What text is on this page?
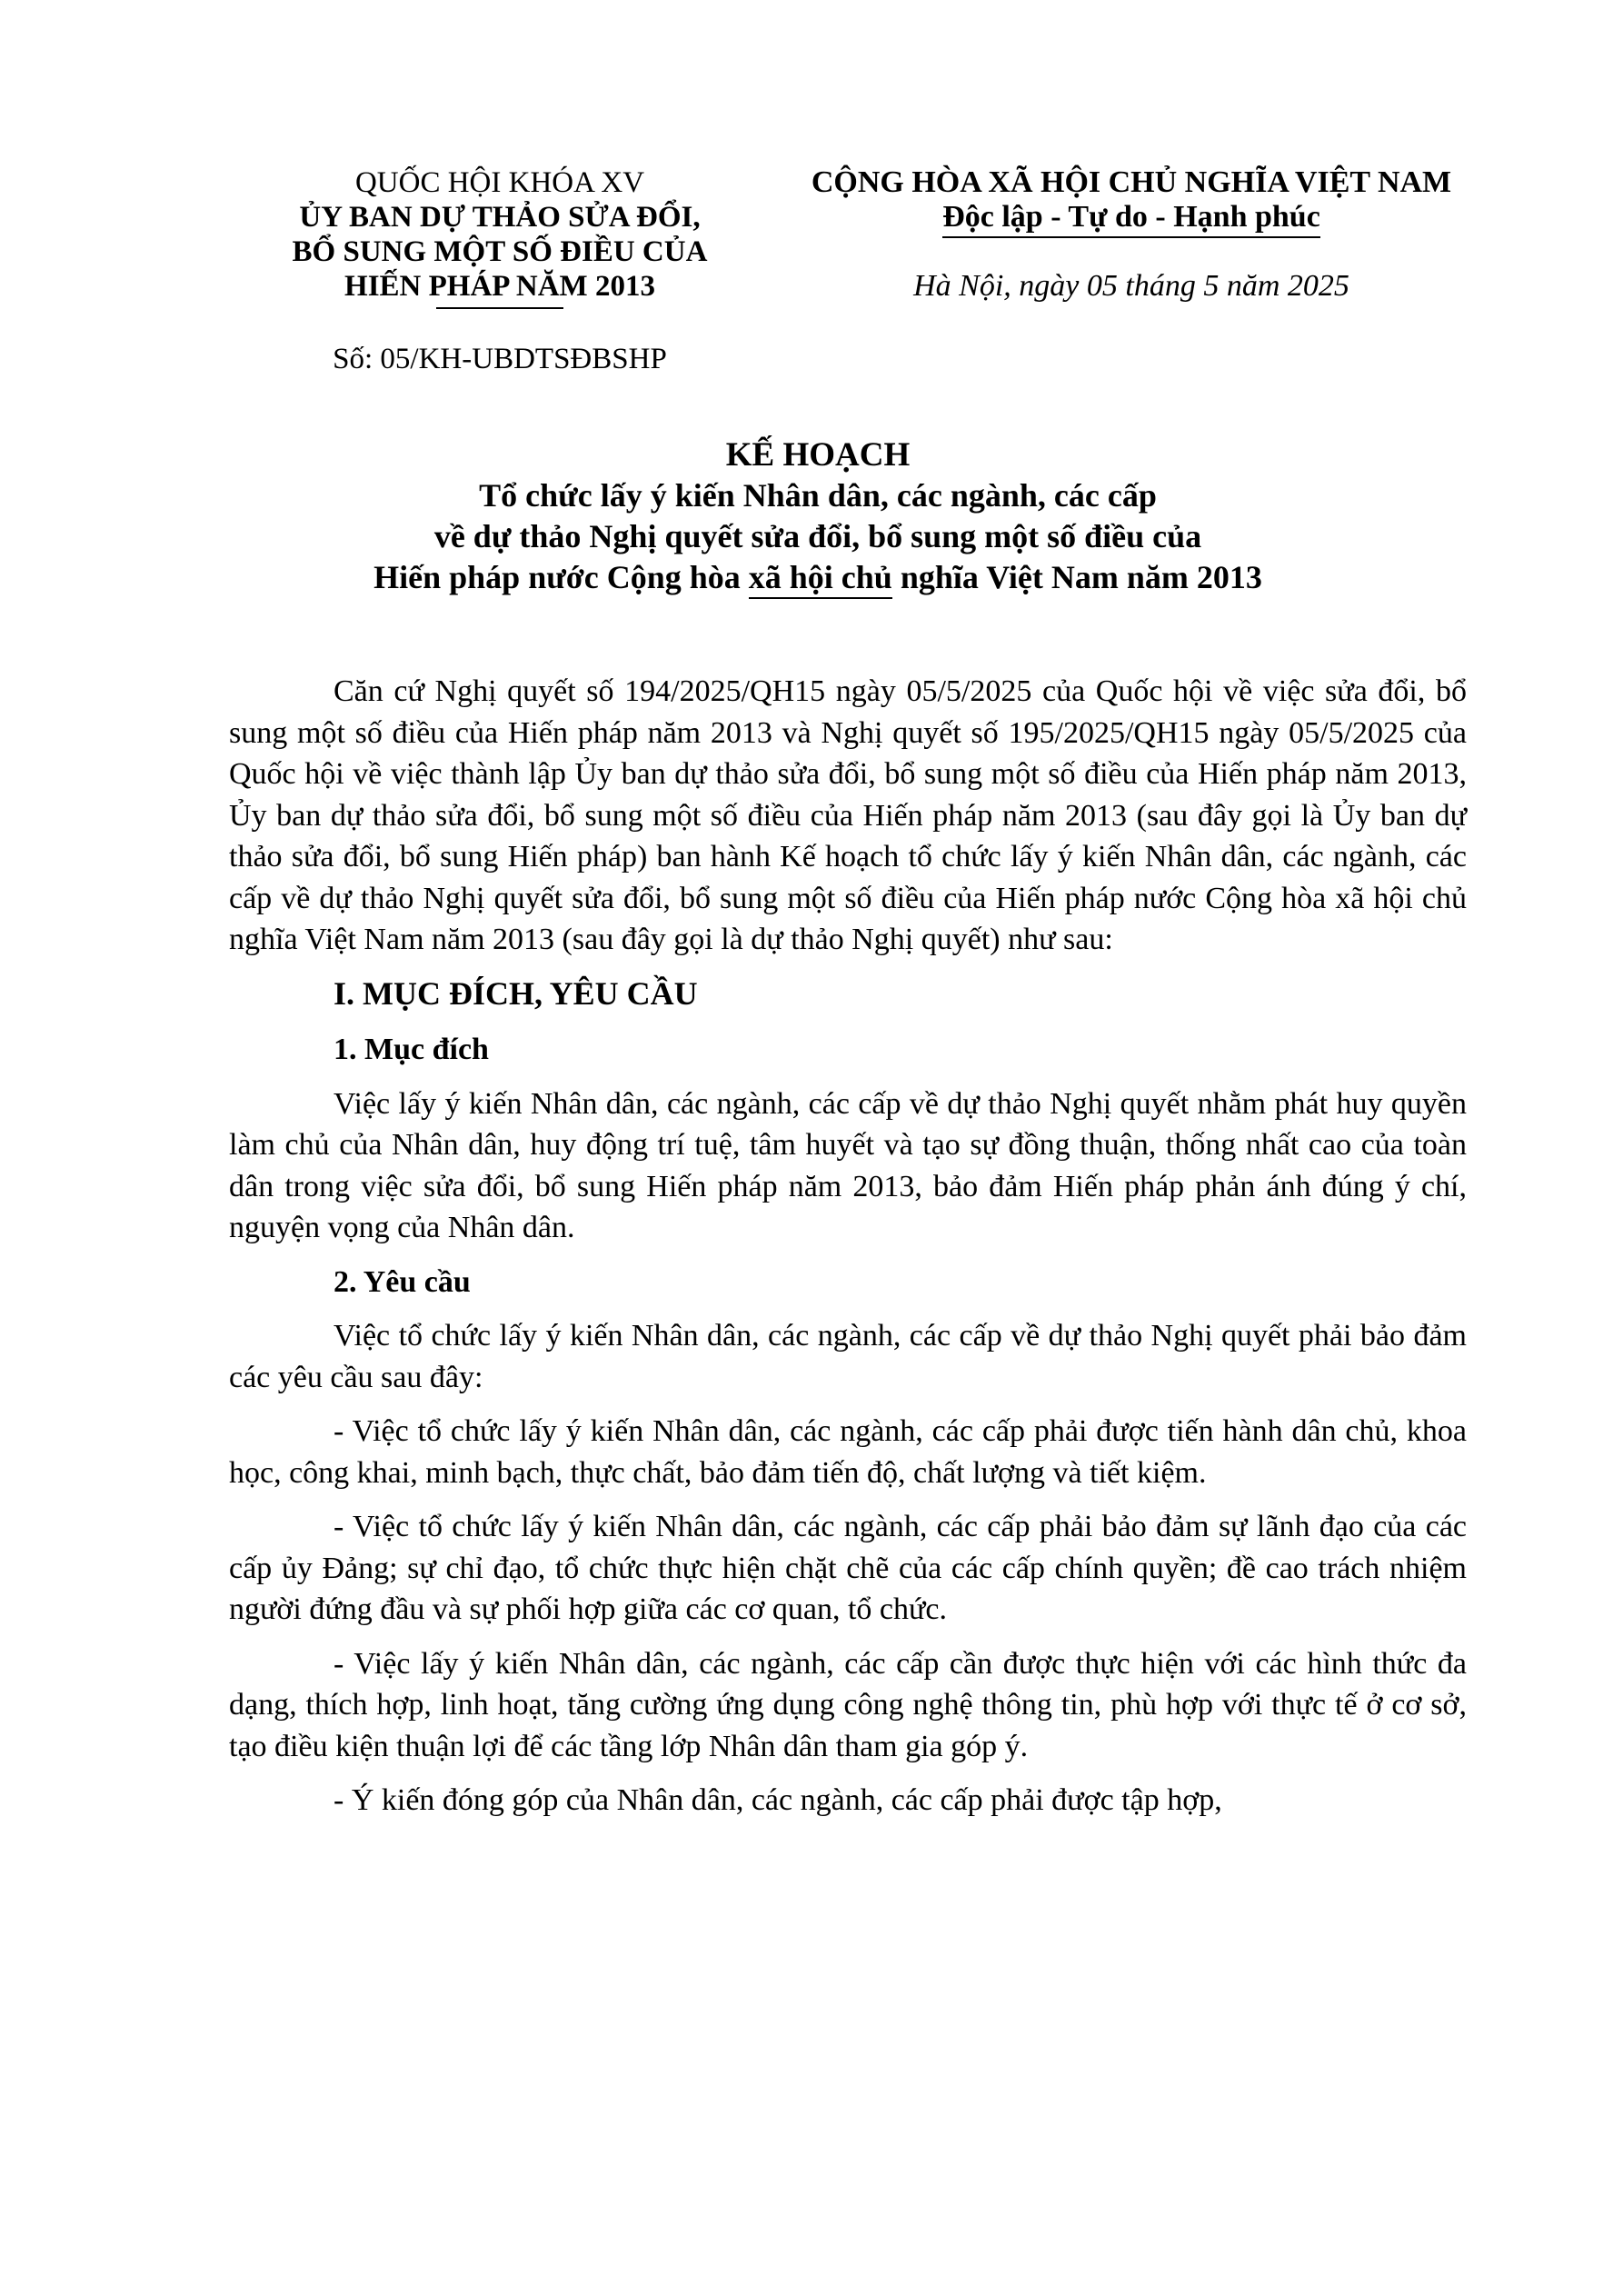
QUỐC HỘI KHÓA XV
ỦY BAN DỰ THẢO SỬA ĐỔI,
BỔ SUNG MỘT SỐ ĐIỀU CỦA
HIẾN PHÁP NĂM 2013
Số: 05/KH-UBDTSĐBSHP
CỘNG HÒA XÃ HỘI CHỦ NGHĨA VIỆT NAM
Độc lập - Tự do - Hạnh phúc
Hà Nội, ngày 05 tháng 5 năm 2025
KẾ HOẠCH
Tổ chức lấy ý kiến Nhân dân, các ngành, các cấp
về dự thảo Nghị quyết sửa đổi, bổ sung một số điều của
Hiến pháp nước Cộng hòa xã hội chủ nghĩa Việt Nam năm 2013

Căn cứ Nghị quyết số 194/2025/QH15 ngày 05/5/2025 của Quốc hội về việc sửa đổi, bổ sung một số điều của Hiến pháp năm 2013 và Nghị quyết số 195/2025/QH15 ngày 05/5/2025 của Quốc hội về việc thành lập Ủy ban dự thảo sửa đổi, bổ sung một số điều của Hiến pháp năm 2013, Ủy ban dự thảo sửa đổi, bổ sung một số điều của Hiến pháp năm 2013 (sau đây gọi là Ủy ban dự thảo sửa đổi, bổ sung Hiến pháp) ban hành Kế hoạch tổ chức lấy ý kiến Nhân dân, các ngành, các cấp về dự thảo Nghị quyết sửa đổi, bổ sung một số điều của Hiến pháp nước Cộng hòa xã hội chủ nghĩa Việt Nam năm 2013 (sau đây gọi là dự thảo Nghị quyết) như sau:

I. MỤC ĐÍCH, YÊU CẦU
1. Mục đích

Việc lấy ý kiến Nhân dân, các ngành, các cấp về dự thảo Nghị quyết nhằm phát huy quyền làm chủ của Nhân dân, huy động trí tuệ, tâm huyết và tạo sự đồng thuận, thống nhất cao của toàn dân trong việc sửa đổi, bổ sung Hiến pháp năm 2013, bảo đảm Hiến pháp phản ánh đúng ý chí, nguyện vọng của Nhân dân.

2. Yêu cầu

Việc tổ chức lấy ý kiến Nhân dân, các ngành, các cấp về dự thảo Nghị quyết phải bảo đảm các yêu cầu sau đây:

- Việc tổ chức lấy ý kiến Nhân dân, các ngành, các cấp phải được tiến hành dân chủ, khoa học, công khai, minh bạch, thực chất, bảo đảm tiến độ, chất lượng và tiết kiệm.

- Việc tổ chức lấy ý kiến Nhân dân, các ngành, các cấp phải bảo đảm sự lãnh đạo của các cấp ủy Đảng; sự chỉ đạo, tổ chức thực hiện chặt chẽ của các cấp chính quyền; đề cao trách nhiệm người đứng đầu và sự phối hợp giữa các cơ quan, tổ chức.

- Việc lấy ý kiến Nhân dân, các ngành, các cấp cần được thực hiện với các hình thức đa dạng, thích hợp, linh hoạt, tăng cường ứng dụng công nghệ thông tin, phù hợp với thực tế ở cơ sở, tạo điều kiện thuận lợi để các tầng lớp Nhân dân tham gia góp ý.

- Ý kiến đóng góp của Nhân dân, các ngành, các cấp phải được tập hợp,
